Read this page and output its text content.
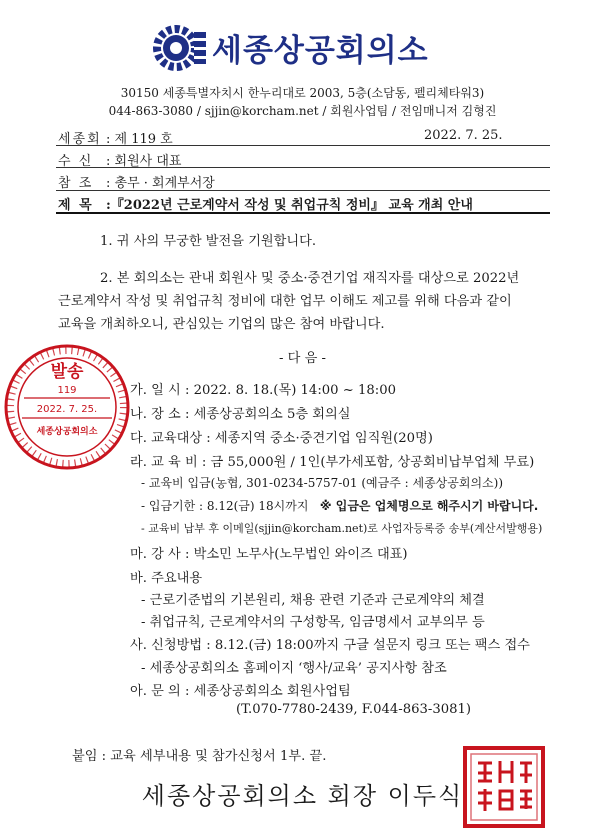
세종상공회의소
30150 세종특별자치시 한누리대로 2003, 5층(소담동, 펠리체타워3)
044-863-3080 / sjjin@korcham.net / 회원사업팀 / 전임매니저 김형진
세종회 : 제 119 호	2022. 7. 25.
수 신 : 회원사 대표
참 조 : 총무 · 회계부서장
제 목 :『2022년 근로계약서 작성 및 취업규칙 정비』 교육 개최 안내
1. 귀 사의 무궁한 발전을 기원합니다.
2. 본 회의소는 관내 회원사 및 중소·중견기업 재직자를 대상으로 2022년
근로계약서 작성 및 취업규칙 정비에 대한 업무 이해도 제고를 위해 다음과 같이
교육을 개최하오니, 관심있는 기업의 많은 참여 바랍니다.
- 다 음 -
가. 일 시 : 2022. 8. 18.(목) 14:00 ~ 18:00
나. 장 소 : 세종상공회의소 5층 회의실
다. 교육대상 : 세종지역 중소·중견기업 임직원(20명)
라. 교 육 비 : 금 55,000원 / 1인(부가세포함, 상공회비납부업체 무료)
- 교육비 입금(농협, 301-0234-5757-01 (예금주 : 세종상공회의소))
- 입금기한 : 8.12(금) 18시까지 ※ 입금은 업체명으로 해주시기 바랍니다.
- 교육비 납부 후 이메일(sjjin@korcham.net)로 사업자등록증 송부(계산서발행용)
마. 강 사 : 박소민 노무사(노무법인 와이즈 대표)
바. 주요내용
- 근로기준법의 기본원리, 채용 관련 기준과 근로계약의 체결
- 취업규칙, 근로계약서의 구성항목, 임금명세서 교부의무 등
사. 신청방법 : 8.12.(금) 18:00까지 구글 설문지 링크 또는 팩스 접수
- 세종상공회의소 홈페이지 ‘행사/교육’ 공지사항 참조
아. 문 의 : 세종상공회의소 회원사업팀
(T.070-7780-2439, F.044-863-3081)
붙임 : 교육 세부내용 및 참가신청서 1부. 끝.
세종상공회의소 회장 이두식
발송
119
2022. 7. 25.
세종상공회의소
